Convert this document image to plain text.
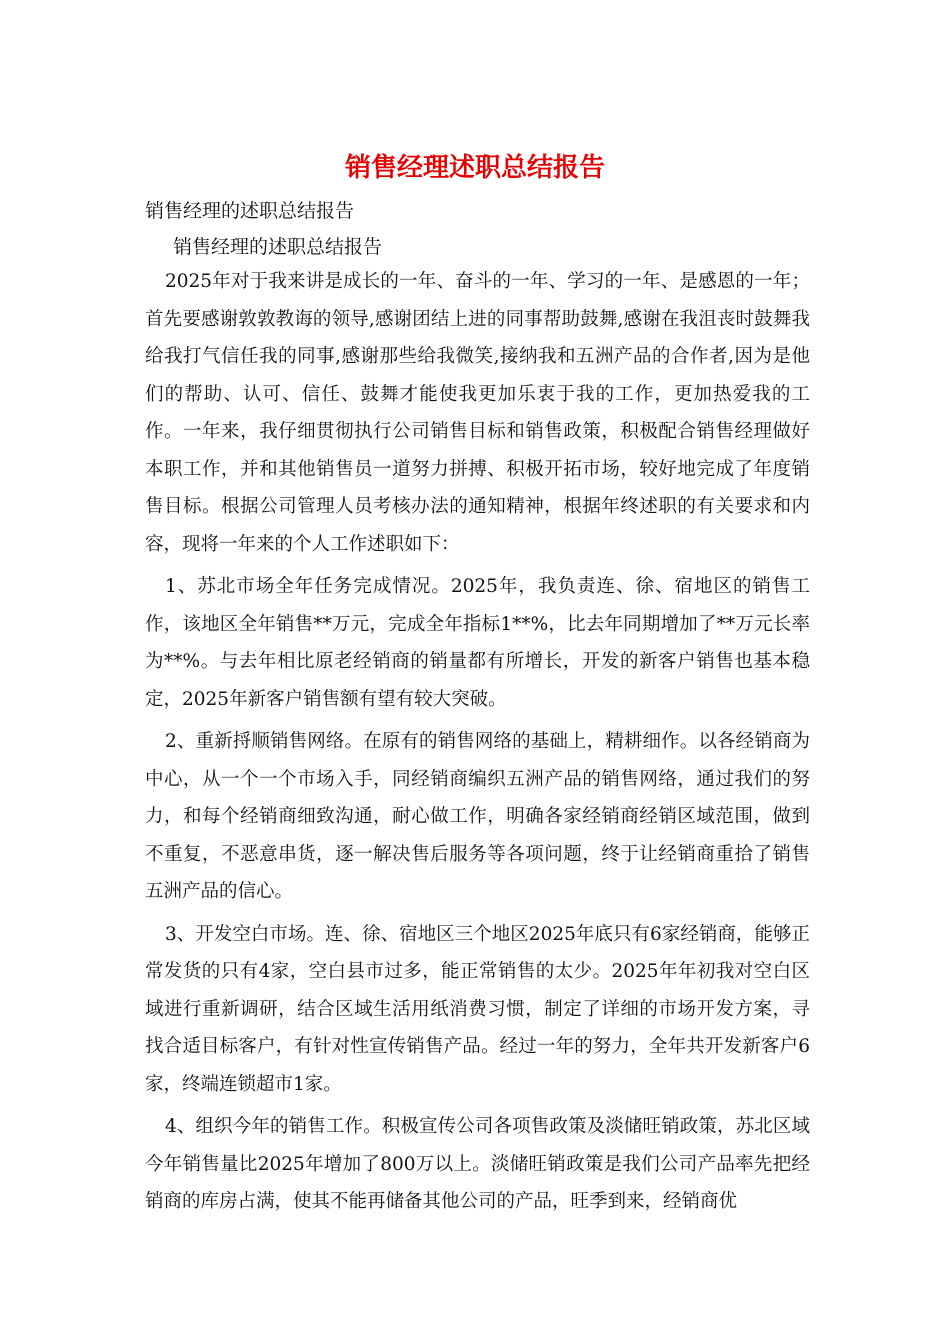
销售经理述职总结报告

销售经理的述职总结报告

销售经理的述职总结报告

2025年对于我来讲是成长的一年、奋斗的一年、学习的一年、是感恩的一年；首先要感谢敦敦教诲的领导,感谢团结上进的同事帮助鼓舞,感谢在我沮丧时鼓舞我给我打气信任我的同事,感谢那些给我微笑,接纳我和五洲产品的合作者,因为是他们的帮助、认可、信任、鼓舞才能使我更加乐衷于我的工作，更加热爱我的工作。一年来，我仔细贯彻执行公司销售目标和销售政策，积极配合销售经理做好本职工作，并和其他销售员一道努力拼搏、积极开拓市场，较好地完成了年度销售目标。根据公司管理人员考核办法的通知精神，根据年终述职的有关要求和内容，现将一年来的个人工作述职如下：

1、苏北市场全年任务完成情况。2025年，我负责连、徐、宿地区的销售工作，该地区全年销售**万元，完成全年指标1**%，比去年同期增加了**万元长率为**%。与去年相比原老经销商的销量都有所增长，开发的新客户销售也基本稳定，2025年新客户销售额有望有较大突破。

2、重新捋顺销售网络。在原有的销售网络的基础上，精耕细作。以各经销商为中心，从一个一个市场入手，同经销商编织五洲产品的销售网络，通过我们的努力，和每个经销商细致沟通，耐心做工作，明确各家经销商经销区域范围，做到不重复，不恶意串货，逐一解决售后服务等各项问题，终于让经销商重拾了销售五洲产品的信心。

3、开发空白市场。连、徐、宿地区三个地区2025年底只有6家经销商，能够正常发货的只有4家，空白县市过多，能正常销售的太少。2025年年初我对空白区域进行重新调研，结合区域生活用纸消费习惯，制定了详细的市场开发方案，寻找合适目标客户，有针对性宣传销售产品。经过一年的努力，全年共开发新客户6家，终端连锁超市1家。

4、组织今年的销售工作。积极宣传公司各项售政策及淡储旺销政策，苏北区域今年销售量比2025年增加了800万以上。淡储旺销政策是我们公司产品率先把经销商的库房占满，使其不能再储备其他公司的产品，旺季到来，经销商优
